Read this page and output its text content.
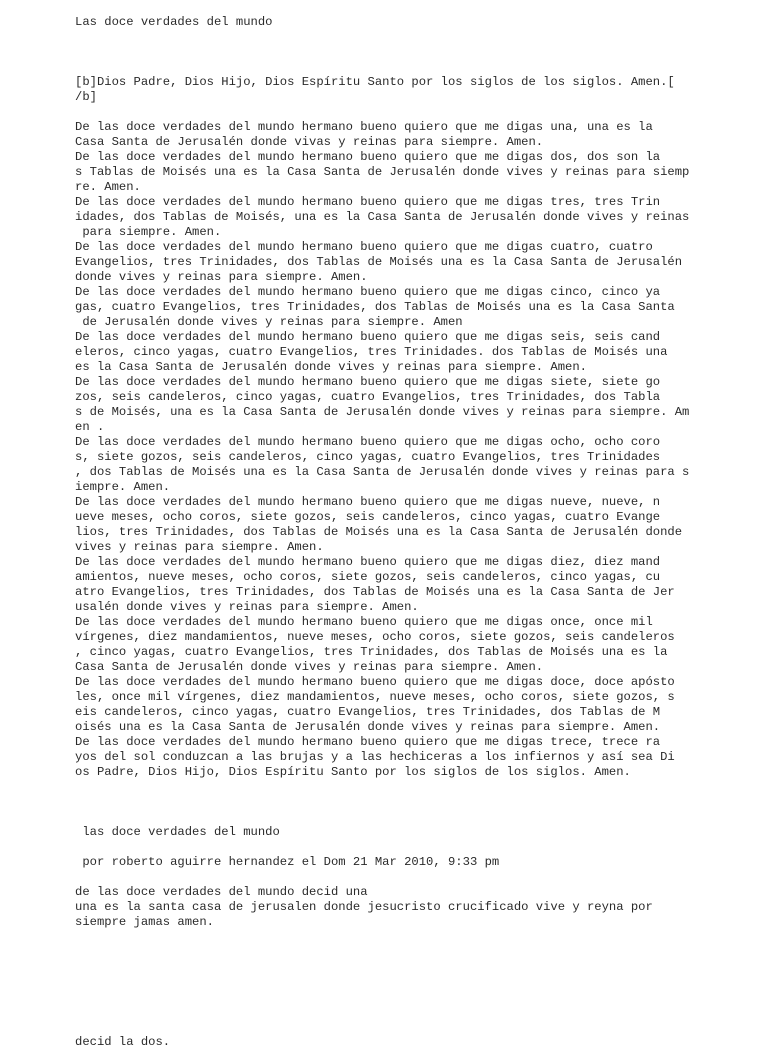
Las doce verdades del mundo
[b]Dios Padre, Dios Hijo, Dios Espíritu Santo por los siglos de los siglos. Amen.[
/b]
De las doce verdades del mundo hermano bueno quiero que me digas una, una es la
Casa Santa de Jerusalén donde vivas y reinas para siempre. Amen.
De las doce verdades del mundo hermano bueno quiero que me digas dos, dos son la
s Tablas de Moisés una es la Casa Santa de Jerusalén donde vives y reinas para siemp
re. Amen.
De las doce verdades del mundo hermano bueno quiero que me digas tres, tres Trin
idades, dos Tablas de Moisés, una es la Casa Santa de Jerusalén donde vives y reinas
para siempre. Amen.
De las doce verdades del mundo hermano bueno quiero que me digas cuatro, cuatro
Evangelios, tres Trinidades, dos Tablas de Moisés una es la Casa Santa de Jerusalén
donde vives y reinas para siempre. Amen.
De las doce verdades del mundo hermano bueno quiero que me digas cinco, cinco ya
gas, cuatro Evangelios, tres Trinidades, dos Tablas de Moisés una es la Casa Santa
de Jerusalén donde vives y reinas para siempre. Amen
De las doce verdades del mundo hermano bueno quiero que me digas seis, seis cand
eleros, cinco yagas, cuatro Evangelios, tres Trinidades. dos Tablas de Moisés una
es la Casa Santa de Jerusalén donde vives y reinas para siempre. Amen.
De las doce verdades del mundo hermano bueno quiero que me digas siete, siete go
zos, seis candeleros, cinco yagas, cuatro Evangelios, tres Trinidades, dos Tabla
s de Moisés, una es la Casa Santa de Jerusalén donde vives y reinas para siempre. Am
en .
De las doce verdades del mundo hermano bueno quiero que me digas ocho, ocho coro
s, siete gozos, seis candeleros, cinco yagas, cuatro Evangelios, tres Trinidades
, dos Tablas de Moisés una es la Casa Santa de Jerusalén donde vives y reinas para s
iempre. Amen.
De las doce verdades del mundo hermano bueno quiero que me digas nueve, nueve, n
ueve meses, ocho coros, siete gozos, seis candeleros, cinco yagas, cuatro Evange
lios, tres Trinidades, dos Tablas de Moisés una es la Casa Santa de Jerusalén donde
vives y reinas para siempre. Amen.
De las doce verdades del mundo hermano bueno quiero que me digas diez, diez mand
amientos, nueve meses, ocho coros, siete gozos, seis candeleros, cinco yagas, cu
atro Evangelios, tres Trinidades, dos Tablas de Moisés una es la Casa Santa de Jer
usalén donde vives y reinas para siempre. Amen.
De las doce verdades del mundo hermano bueno quiero que me digas once, once mil
vírgenes, diez mandamientos, nueve meses, ocho coros, siete gozos, seis candeleros
, cinco yagas, cuatro Evangelios, tres Trinidades, dos Tablas de Moisés una es la
Casa Santa de Jerusalén donde vives y reinas para siempre. Amen.
De las doce verdades del mundo hermano bueno quiero que me digas doce, doce apósto
les, once mil vírgenes, diez mandamientos, nueve meses, ocho coros, siete gozos, s
eis candeleros, cinco yagas, cuatro Evangelios, tres Trinidades, dos Tablas de M
oisés una es la Casa Santa de Jerusalén donde vives y reinas para siempre. Amen.
De las doce verdades del mundo hermano bueno quiero que me digas trece, trece ra
yos del sol conduzcan a las brujas y a las hechiceras a los infiernos y así sea Di
os Padre, Dios Hijo, Dios Espíritu Santo por los siglos de los siglos. Amen.
las doce verdades del mundo
por roberto aguirre hernandez el Dom 21 Mar 2010, 9:33 pm
de las doce verdades del mundo decid una
una es la santa casa de jerusalen donde jesucristo crucificado vive y reyna por
siempre jamas amen.
decid la dos.
